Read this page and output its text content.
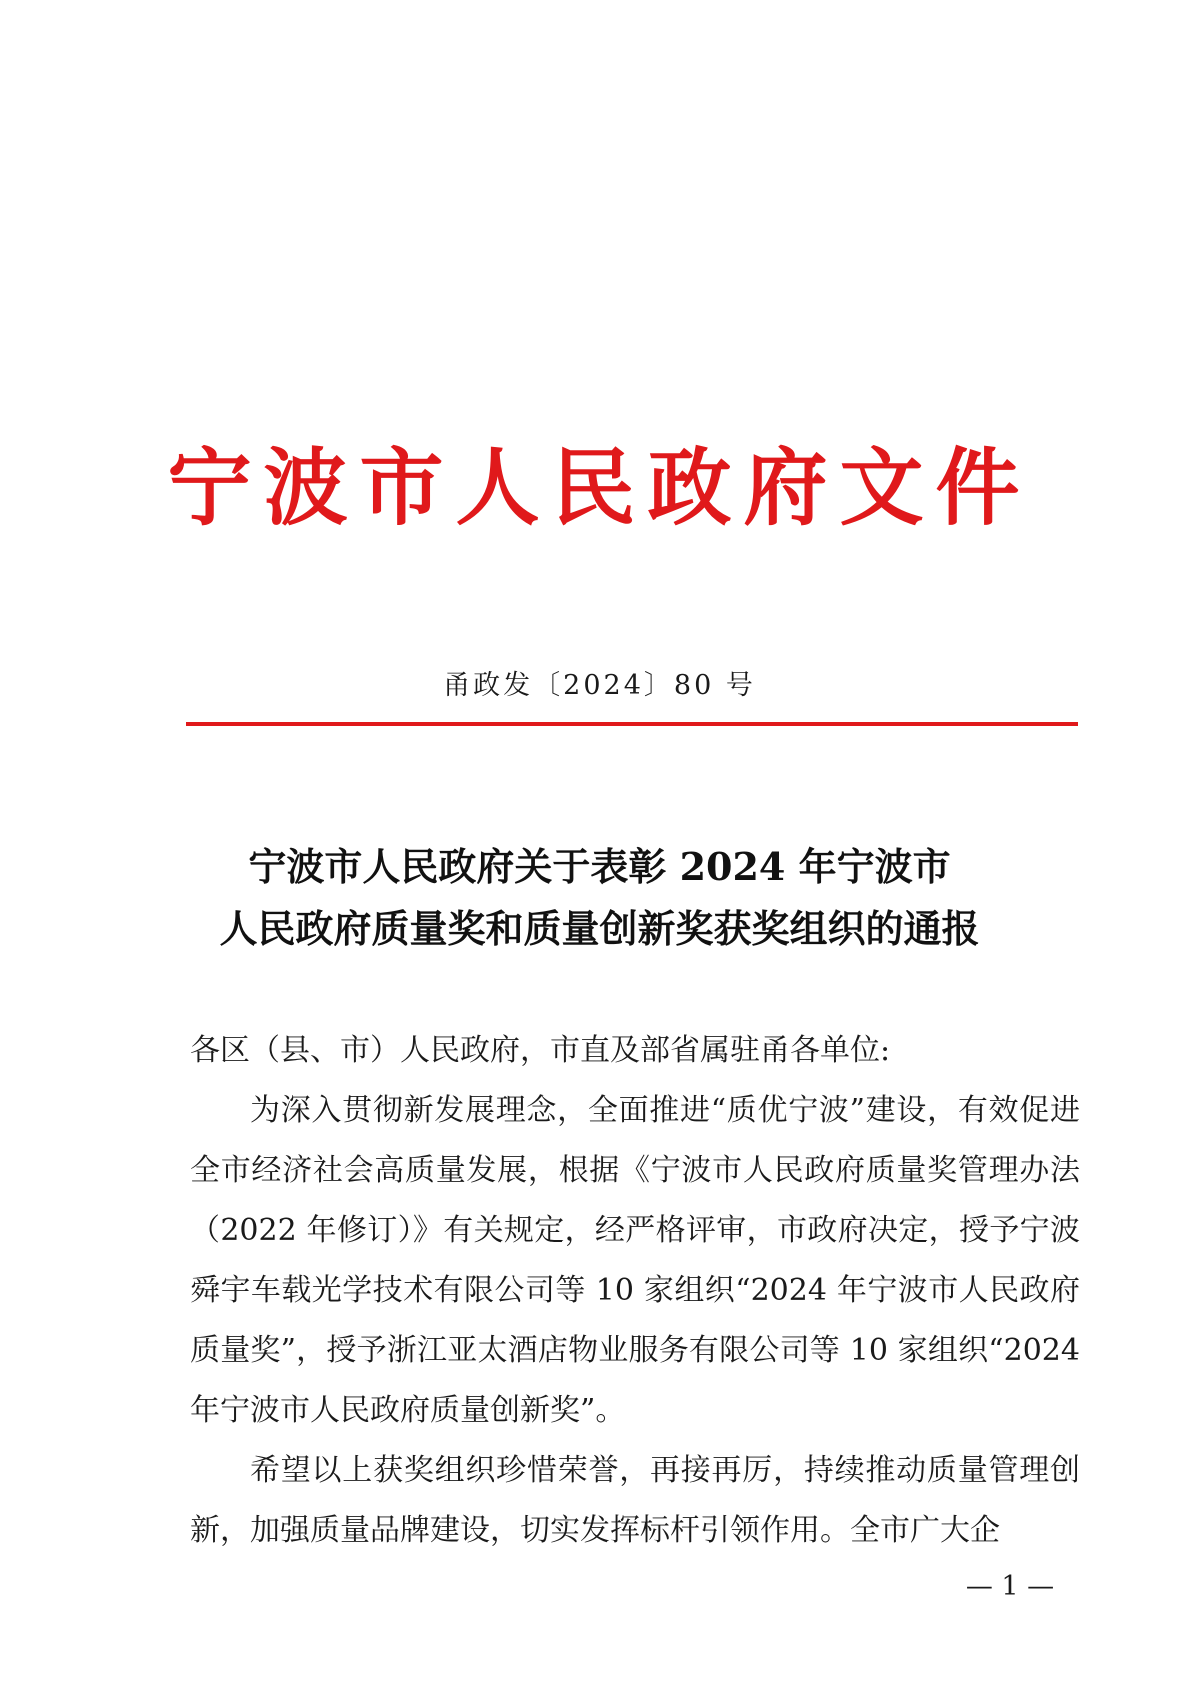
宁波市人民政府文件
甬政发〔2024〕80 号
宁波市人民政府关于表彰 2024 年宁波市
人民政府质量奖和质量创新奖获奖组织的通报

各区（县、市）人民政府，市直及部省属驻甬各单位:

为深入贯彻新发展理念，全面推进“质优宁波”建设，有效促进全市经济社会高质量发展，根据《宁波市人民政府质量奖管理办法（2022 年修订）》有关规定，经严格评审，市政府决定，授予宁波舜宇车载光学技术有限公司等 10 家组织“2024 年宁波市人民政府质量奖”，授予浙江亚太酒店物业服务有限公司等 10 家组织“2024 年宁波市人民政府质量创新奖”。

希望以上获奖组织珍惜荣誉，再接再厉，持续推动质量管理创新，加强质量品牌建设，切实发挥标杆引领作用。全市广大企

— 1 —
